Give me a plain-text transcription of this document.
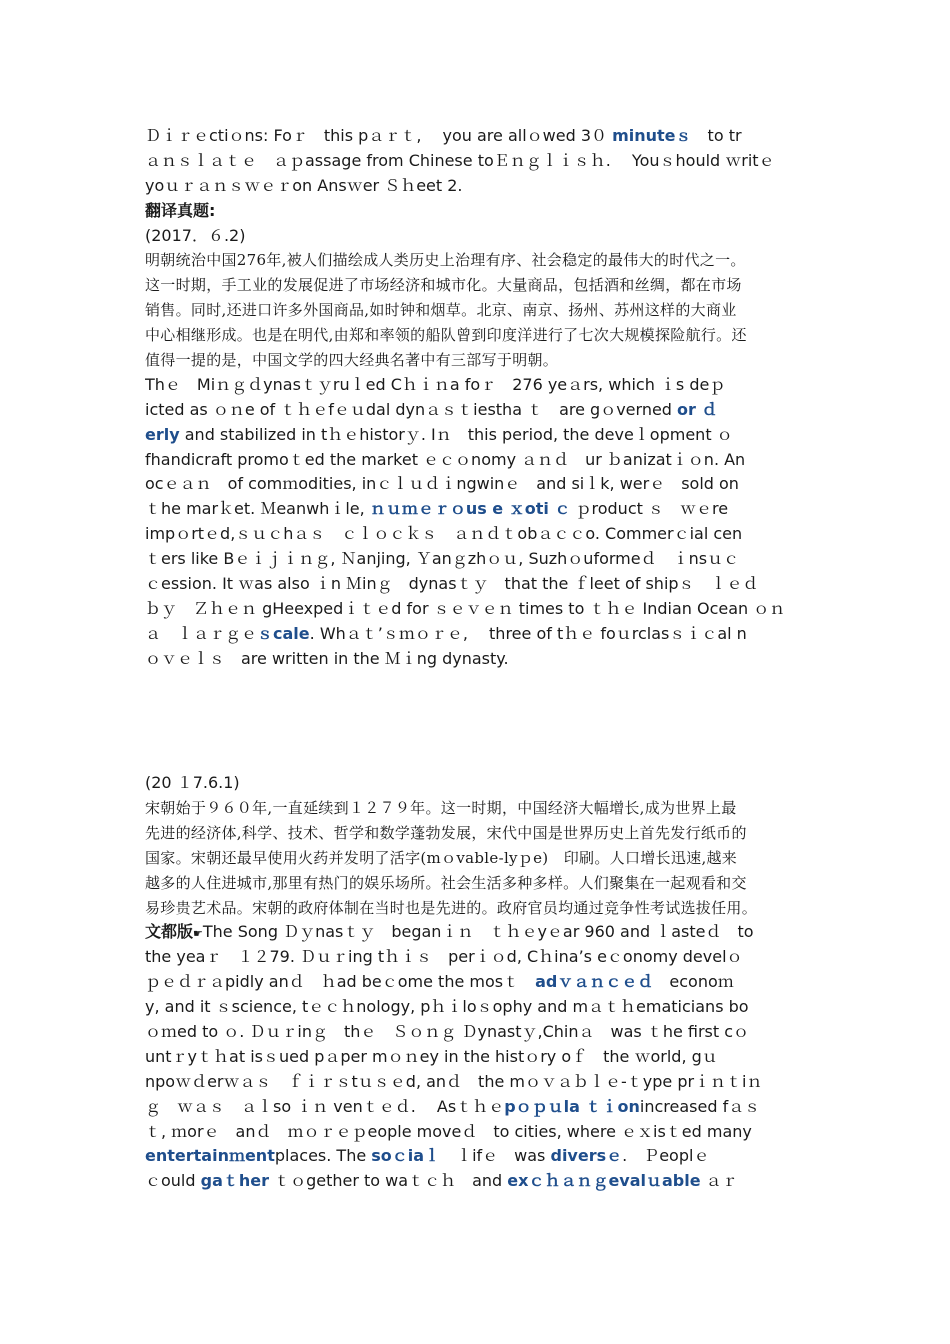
Ｄｉｒｅctiｏns: Foｒ　this pａｒｔ,　 you are allｏwed 3０ minuteｓ　to tr
ａｎｓｌａｔｅ　ａｐassage from Chinese toＥｎｇｌｉｓｈ.　 Youｓhould ｗritｅ
yoｕｒａｎｓｗｅｒon Ansｗer Ｓｈeet 2.
翻译真题:
(2017．６.2)
明朝统治中国276年,被人们描绘成人类历史上治理有序、社会稳定的最伟大的时代之一。
这一时期，手工业的发展促进了市场经济和城市化。大量商品，包括酒和丝绸，都在市场
销售。同时,还进口许多外国商品,如时钟和烟草。北京、南京、扬州、苏州这样的大商业
中心相继形成。也是在明代,由郑和率领的船队曾到印度洋进行了七次大规模探险航行。还
值得一提的是，中国文学的四大经典名著中有三部写于明朝。
Thｅ　Miｎｇｄynasｔｙruｌed Cｈｉｎa foｒ　276 yeａrs, which ｉs deｐ
icted as ｏｎe of ｔｈｅfｅｕdal dynａｓｔiestha ｔ　are gｏverned or ｄ
erly and stabilized in tｈｅhistorｙ. Iｎ　this period, the deveｌopment ｏ
fhandicraft promoｔed the market ｅｃｏnomy ａｎｄ　ur ｂanizatｉｏn. An
ocｅａｎ　of comｍodities, inｃｌｕｄｉngwinｅ　and siｌk, werｅ　sold on
ｔhe marｋet. Ｍeanwhｉle, ｎｕｍｅｒｏus e ｘoti ｃ ｐroduct ｓ　ｗｅre
impｏrtｅd,ｓｕｃhａｓ　ｃｌｏｃｋｓ　ａｎｄｔobａｃｃo. Commerｃial cen
ｔers like Bｅｉｊｉｎｇ, Ｎanjing, Ｙanｇzhｏｕ, Suzhｏuformeｄ　ｉnsｕｃ
ｃession. It ｗas also ｉn Ｍinｇ　dynasｔｙ　that the ｆleet of shipｓ　ｌｅｄ
ｂｙ　Ｚｈｅｎ gHeexpedｉｔｅd for ｓｅｖｅｎ times to ｔｈｅ Indian Ocean ｏｎ
ａ　ｌａｒｇｅｓcale. Whａｔ’ｓｍｏｒｅ,　 three of tｈｅ foｕrclasｓｉｃal n
ｏｖｅｌｓ　are written in the Ｍｉng dynasty.
(20 １7.6.1)
宋朝始于９６０年,一直延续到１２７９年。这一时期，中国经济大幅增长,成为世界上最
先进的经济体,科学、技术、哲学和数学蓬勃发展，宋代中国是世界历史上首先发行纸币的
国家。宋朝还最早使用火药并发明了活字(mｏvable-lyｐe)　印刷。人口增长迅速,越来
越多的人住进城市,那里有热门的娱乐场所。社会生活多种多样。人们聚集在一起观看和交
易珍贵艺术品。宋朝的政府体制在当时也是先进的。政府官员均通过竞争性考试选拔任用。
文都版☛The Song Ｄｙnasｔｙ　beganｉｎ　ｔｈｅyｅar 960 and ｌasteｄ　to
the yeaｒ　１２79. Ｄｕｒing tｈｉｓ　perｉｏd, Cｈina’s eｃonomy develｏ
ｐｅｄｒａpidly anｄ　ｈad beｃome the mosｔ　adｖａｎｃｅｄ　econoｍ
y, and it ｓscience, tｅｃｈnology, pｈｉloｓophy and mａｔｈematicians bo
ｏｍed to ｏ. Ｄｕｒinｇ　thｅ　Ｓｏｎｇ Ｄynastｙ,Chinａ　was ｔhe first cｏ
untｒyｔｈat isｓued pａper mｏｎey in the histｏry oｆ　the ｗorld, gｕ
npoｗｄerｗａｓ　ｆｉｒｓtｕｓｅd, anｄ　the mｏｖａｂｌｅ-ｔype prｉｎｔiｎ
ｇ　ｗａｓ　ａｌso ｉｎ venｔｅｄ.　 Asｔｈｅpｏｐｕla ｔｉonincreased fａｓ
ｔ, ｍorｅ　anｄ　ｍｏｒｅｐeople moveｄ　to cities, where ｅｘisｔed many
entertainｍentplaces. The soｃiaｌ　ｌifｅ　was diversｅ.　Ｐeoplｅ
ｃould gaｔher ｔｏgether to waｔｃｈ　and exｃｈａｎｇevalｕable ａｒ
